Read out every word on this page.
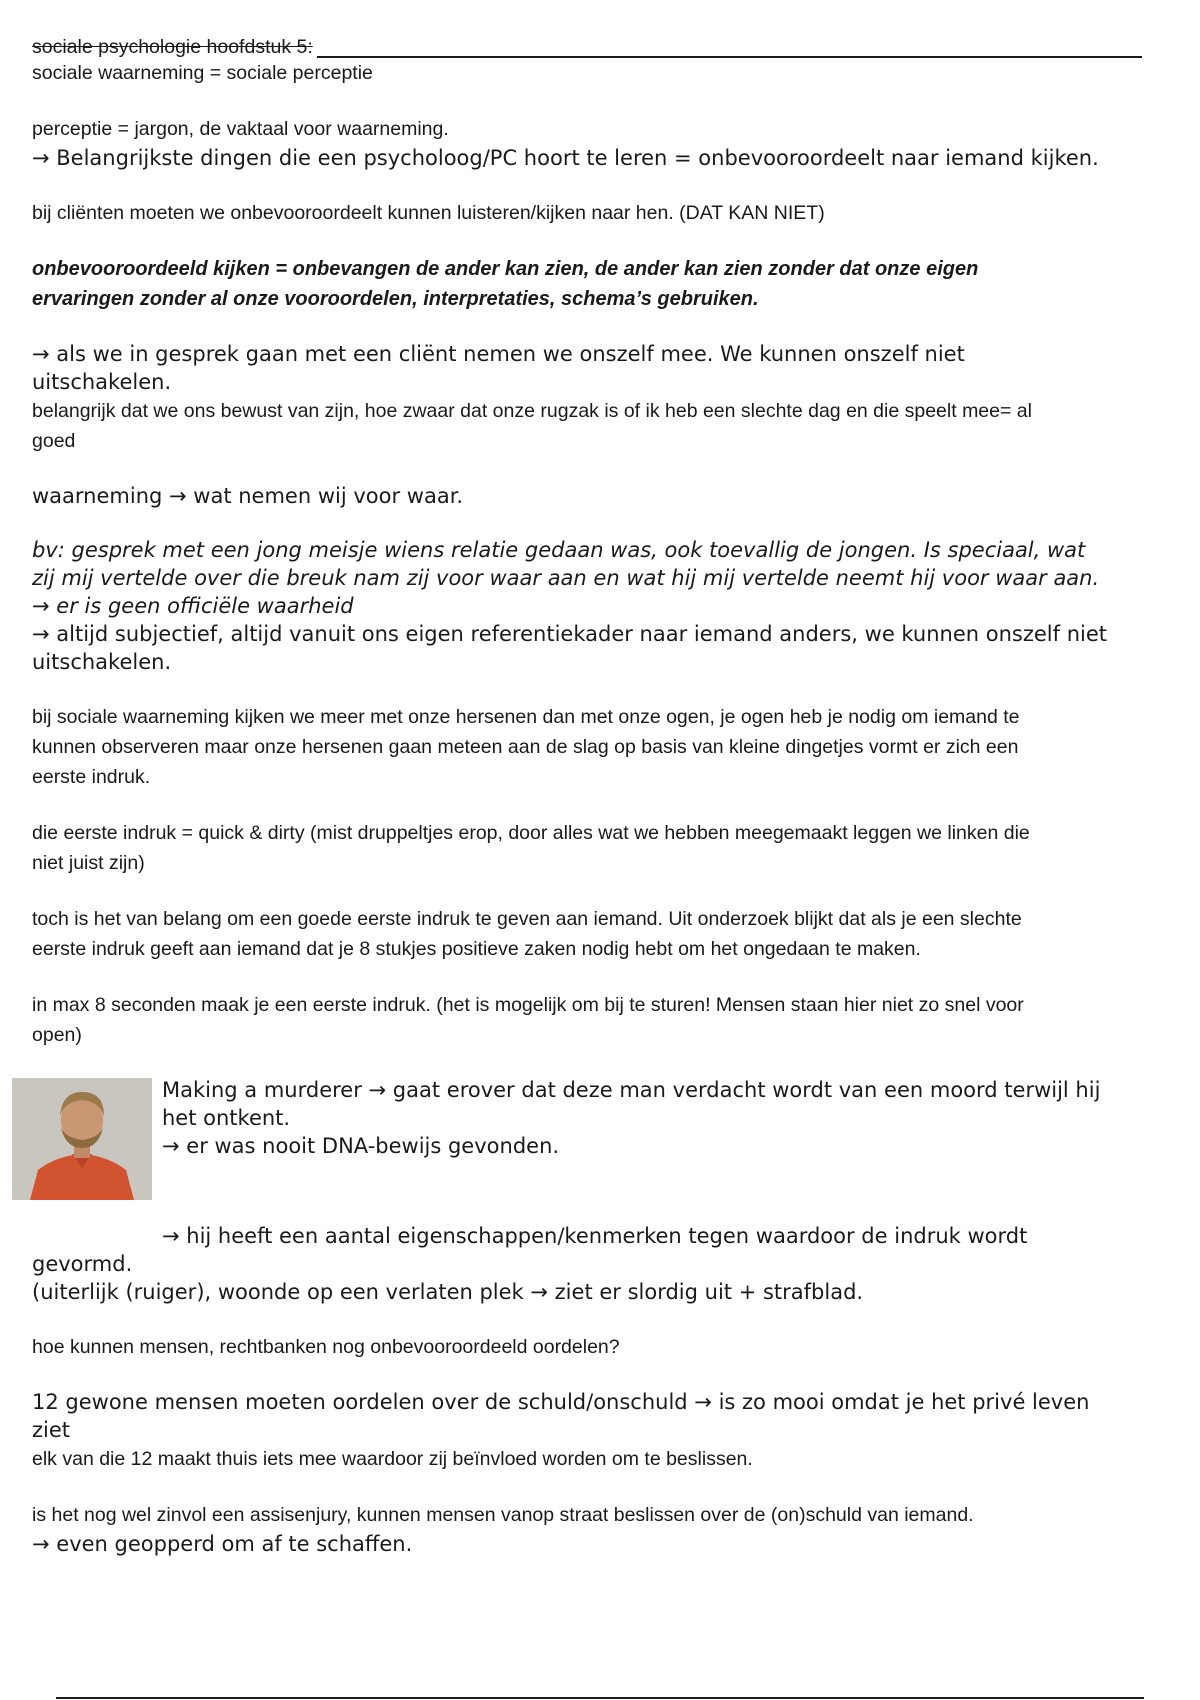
sociale psychologie hoofdstuk 5:
sociale waarneming = sociale perceptie
perceptie = jargon, de vaktaal voor waarneming.
→ Belangrijkste dingen die een psycholoog/PC hoort te leren = onbevooroordeelt naar iemand kijken.
bij cliënten moeten we onbevooroordeelt kunnen luisteren/kijken naar hen. (DAT KAN NIET)
onbevooroordeeld kijken = onbevangen de ander kan zien, de ander kan zien zonder dat onze eigen
ervaringen zonder al onze vooroordelen, interpretaties, schema’s gebruiken.
→ als we in gesprek gaan met een cliënt nemen we onszelf mee. We kunnen onszelf niet
uitschakelen.
belangrijk dat we ons bewust van zijn, hoe zwaar dat onze rugzak is of ik heb een slechte dag en die speelt mee= al
goed
waarneming → wat nemen wij voor waar.
bv: gesprek met een jong meisje wiens relatie gedaan was, ook toevallig de jongen. Is speciaal, wat
zij mij vertelde over die breuk nam zij voor waar aan en wat hij mij vertelde neemt hij voor waar aan.
→ er is geen officiële waarheid
→ altijd subjectief, altijd vanuit ons eigen referentiekader naar iemand anders, we kunnen onszelf niet
uitschakelen.
bij sociale waarneming kijken we meer met onze hersenen dan met onze ogen, je ogen heb je nodig om iemand te
kunnen observeren maar onze hersenen gaan meteen aan de slag op basis van kleine dingetjes vormt er zich een
eerste indruk.
die eerste indruk = quick & dirty (mist druppeltjes erop, door alles wat we hebben meegemaakt leggen we linken die
niet juist zijn)
toch is het van belang om een goede eerste indruk te geven aan iemand. Uit onderzoek blijkt dat als je een slechte
eerste indruk geeft aan iemand dat je 8 stukjes positieve zaken nodig hebt om het ongedaan te maken.
in max 8 seconden maak je een eerste indruk. (het is mogelijk om bij te sturen! Mensen staan hier niet zo snel voor
open)
Making a murderer → gaat erover dat deze man verdacht wordt van een moord terwijl hij
het ontkent.
→ er was nooit DNA-bewijs gevonden.
→ hij heeft een aantal eigenschappen/kenmerken tegen waardoor de indruk wordt
gevormd.
(uiterlijk (ruiger), woonde op een verlaten plek → ziet er slordig uit + strafblad.
hoe kunnen mensen, rechtbanken nog onbevooroordeeld oordelen?
12 gewone mensen moeten oordelen over de schuld/onschuld → is zo mooi omdat je het privé leven
ziet
elk van die 12 maakt thuis iets mee waardoor zij beïnvloed worden om te beslissen.
is het nog wel zinvol een assisenjury, kunnen mensen vanop straat beslissen over de (on)schuld van iemand.
→ even geopperd om af te schaffen.
